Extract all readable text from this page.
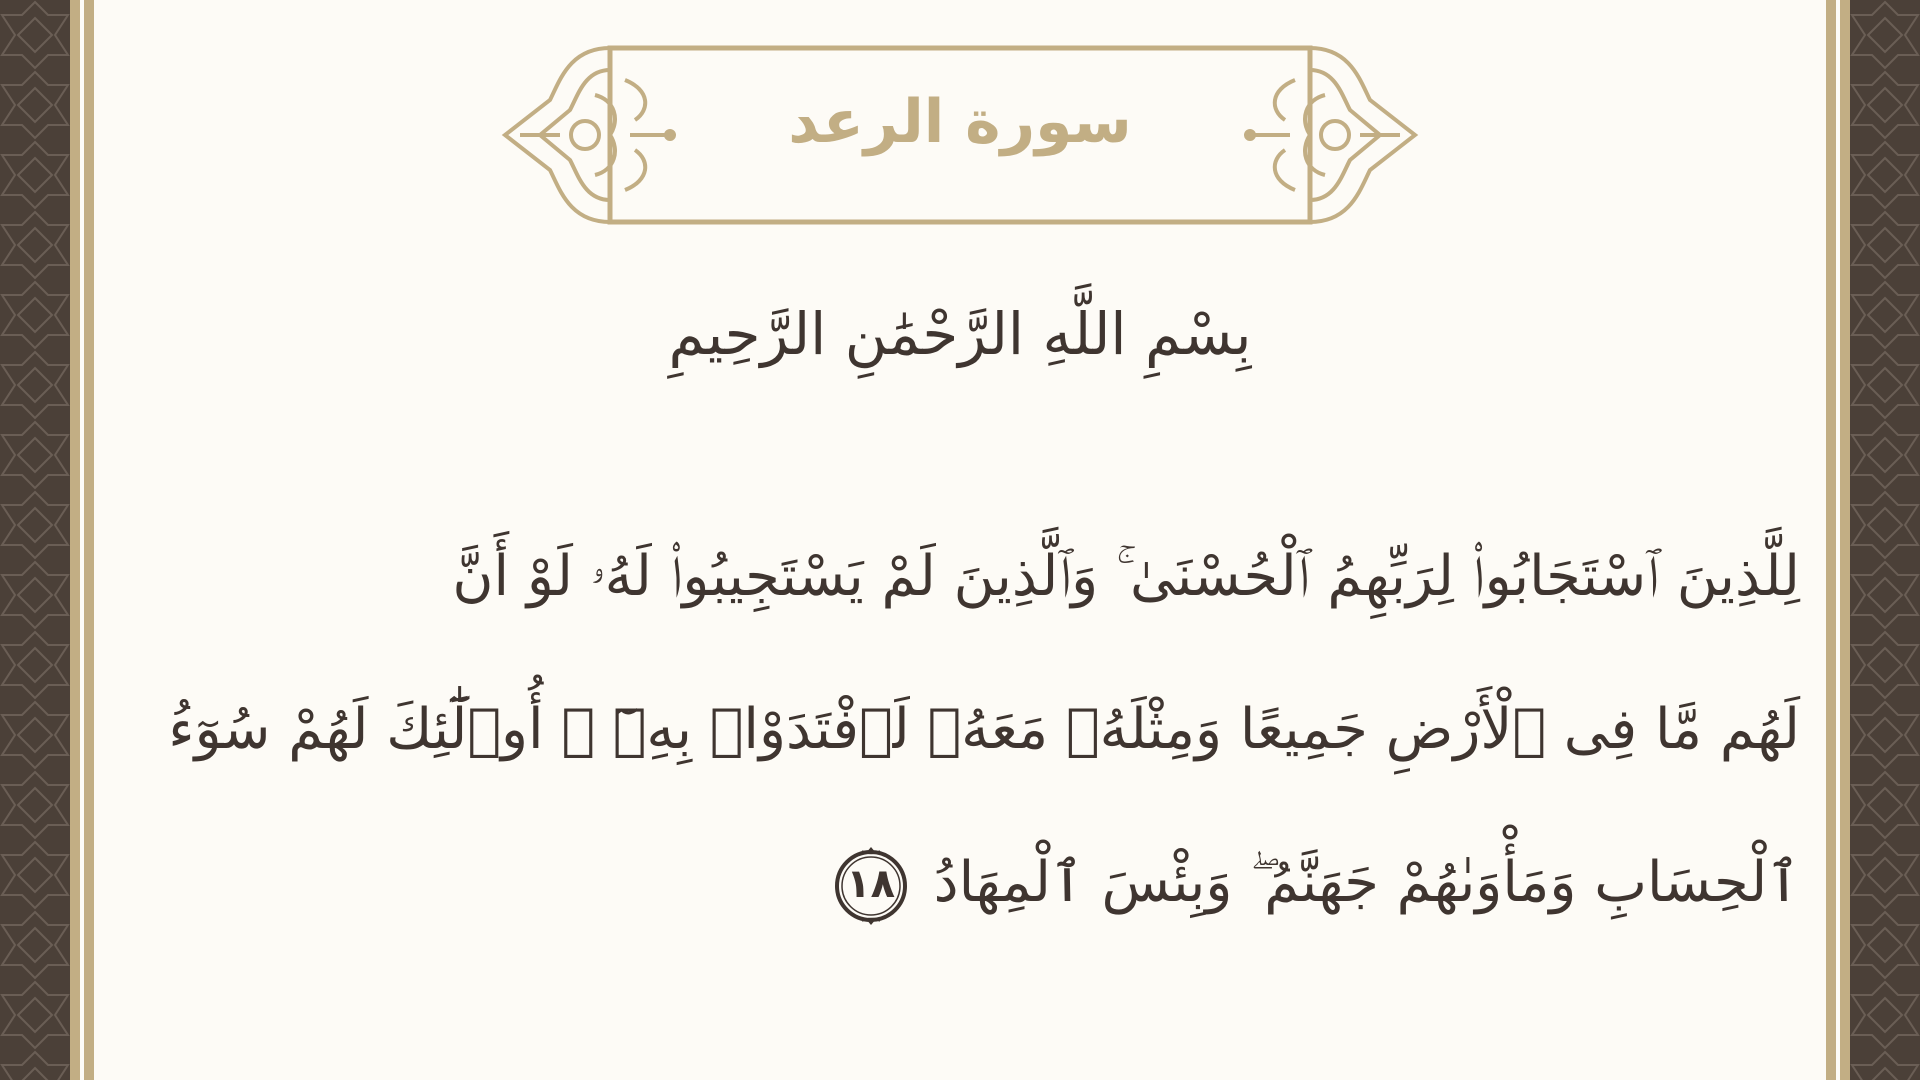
سورة الرعد
بِسْمِ اللَّهِ الرَّحْمَٰنِ الرَّحِيمِ
لِلَّذِينَ ٱسْتَجَابُوا۟ لِرَبِّهِمُ ٱلْحُسْنَىٰ ۚ وَٱلَّذِينَ لَمْ يَسْتَجِيبُوا۟ لَهُۥ لَوْ أَنَّ
لَهُم مَّا فِى ٱلْأَرْضِ جَمِيعًا وَمِثْلَهُۥ مَعَهُۥ لَٱفْتَدَوْا۟ بِهِۦٓ ۚ أُو۟لَٰٓئِكَ لَهُمْ سُوٓءُ
ٱلْحِسَابِ وَمَأْوَىٰهُمْ جَهَنَّمُ ۖ وَبِئْسَ ٱلْمِهَادُ
١٨
